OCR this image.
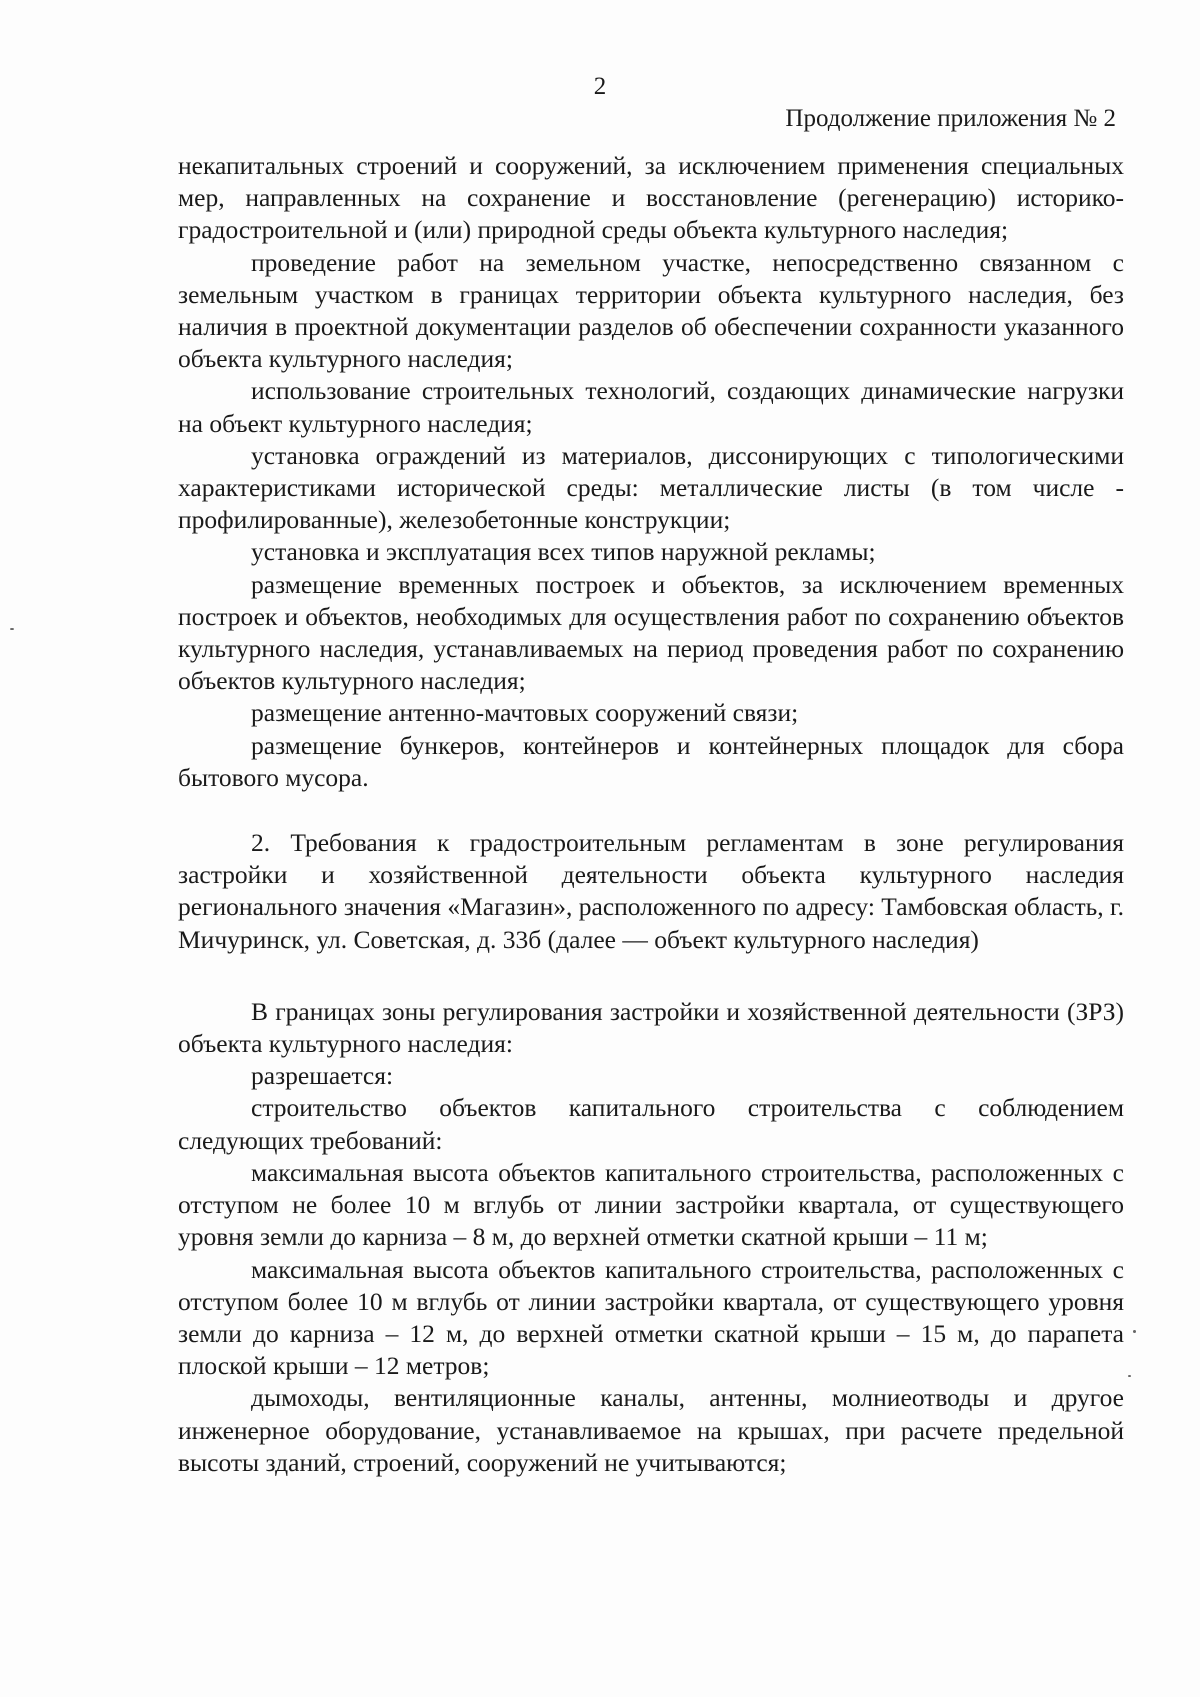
2
Продолжение приложения № 2

некапитальных строений и сооружений, за исключением применения специальных мер, направленных на сохранение и восстановление (регенерацию) историко-градостроительной и (или) природной среды объекта культурного наследия;

проведение работ на земельном участке, непосредственно связанном с земельным участком в границах территории объекта культурного наследия, без наличия в проектной документации разделов об обеспечении сохранности указанного объекта культурного наследия;

использование строительных технологий, создающих динамические нагрузки на объект культурного наследия;

установка ограждений из материалов, диссонирующих с типологическими характеристиками исторической среды: металлические листы (в том числе - профилированные), железобетонные конструкции;

установка и эксплуатация всех типов наружной рекламы;

размещение временных построек и объектов, за исключением временных построек и объектов, необходимых для осуществления работ по сохранению объектов культурного наследия, устанавливаемых на период проведения работ по сохранению объектов культурного наследия;

размещение антенно-мачтовых сооружений связи;

размещение бункеров, контейнеров и контейнерных площадок для сбора бытового мусора.

2. Требования к градостроительным регламентам в зоне регулирования застройки и хозяйственной деятельности объекта культурного наследия регионального значения «Магазин», расположенного по адресу: Тамбовская область, г. Мичуринск, ул. Советская, д. 33б (далее — объект культурного наследия)

В границах зоны регулирования застройки и хозяйственной деятельности (ЗРЗ) объекта культурного наследия:

разрешается:

строительство объектов капитального строительства с соблюдением следующих требований:

максимальная высота объектов капитального строительства, расположенных с отступом не более 10 м вглубь от линии застройки квартала, от существующего уровня земли до карниза – 8 м, до верхней отметки скатной крыши – 11 м;

максимальная высота объектов капитального строительства, расположенных с отступом более 10 м вглубь от линии застройки квартала, от существующего уровня земли до карниза – 12 м, до верхней отметки скатной крыши – 15 м, до парапета плоской крыши – 12 метров;

дымоходы, вентиляционные каналы, антенны, молниеотводы и другое инженерное оборудование, устанавливаемое на крышах, при расчете предельной высоты зданий, строений, сооружений не учитываются;
